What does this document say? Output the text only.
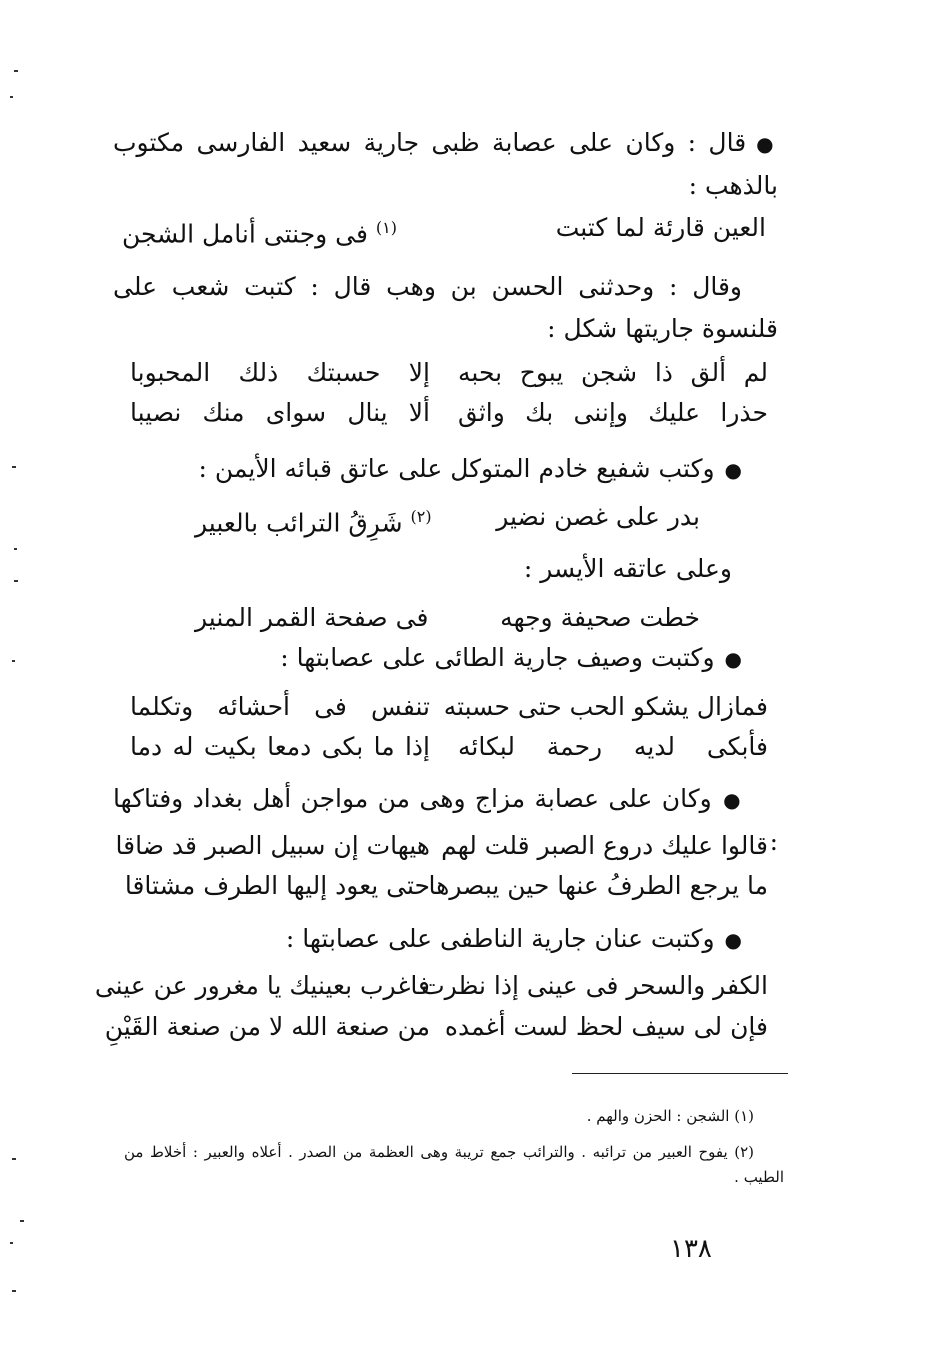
●قال : وكان على عصابة ظبى جارية سعيد الفارسى مكتوب بالذهب :
العين قارئة لما كتبت
$^{(١)}$ فى وجنتى أنامل الشجن
وقال : وحدثنى الحسن بن وهب قال : كتبت شعب على قلنسوة جاريتها شكل :
لم ألق ذا شجن يبوح بحبه
إلا حسبتك ذلك المحبوبا
حذرا عليك وإننى بك واثق
ألا ينال سواى منك نصيبا
●وكتب شفيع خادم المتوكل على عاتق قبائه الأيمن :
بدر على غصن نضير
$^{(٢)}$ شَرِقُ الترائب بالعبير
وعلى عاتقه الأيسر :
خطت صحيفة وجهه
فى صفحة القمر المنير
●وكتبت وصيف جارية الطائى على عصابتها :
فمازال يشكو الحب حتى حسبته
تنفس فى أحشائه وتكلما
فأبكى لديه رحمة لبكائه
إذا ما بكى دمعا بكيت له دما
●وكان على عصابة مزاج وهى من مواجن أهل بغداد وفتاكها :
قالوا عليك دروع الصبر قلت لهم
هيهات إن سبيل الصبر قد ضاقا
ما يرجع الطرفُ عنها حين يبصرها
حتى يعود إليها الطرف مشتاقا
●وكتبت عنان جارية الناطفى على عصابتها :
الكفر والسحر فى عينى إذا نظرت
فاغرب بعينيك يا مغرور عن عينى
فإن لى سيف لحظ لست أغمده
من صنعة الله لا من صنعة القَيْنِ
(١) الشجن : الحزن والهم .
(٢) يفوح العبير من ترائبه . والترائب جمع تريبة وهى العظمة من الصدر . أعلاه والعبير : أخلاط من الطيب .
١٣٨
